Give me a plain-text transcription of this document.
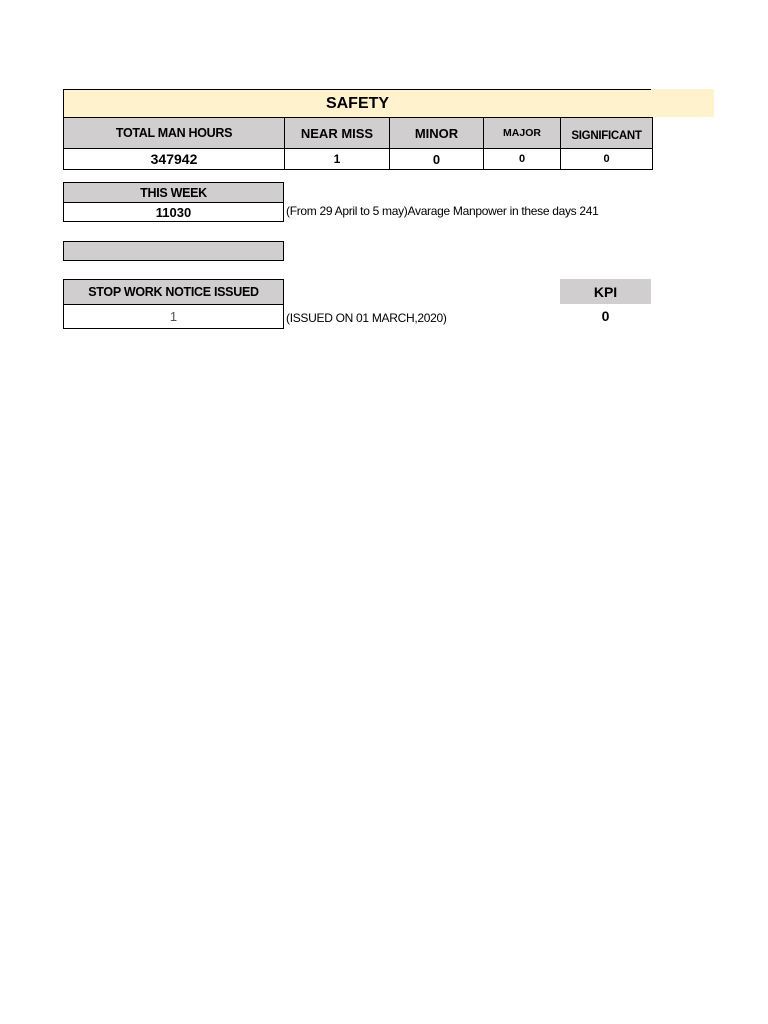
SAFETY
TOTAL MAN HOURS	NEAR MISS	MINOR	MAJOR	SIGNIFICANT
347942	1	0	0	0
THIS WEEK
11030	(From 29 April to 5 may)Avarage Manpower in these days 241
STOP WORK NOTICE ISSUED
1	(ISSUED ON 01 MARCH,2020)
KPI
0
